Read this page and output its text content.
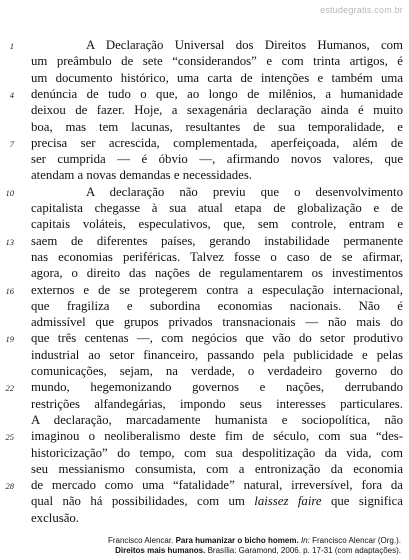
estudegratis.com.br
A Declaração Universal dos Direitos Humanos, com
um preâmbulo de sete “considerandos” e com trinta artigos, é
um documento histórico, uma carta de intenções e também uma
denúncia de tudo o que, ao longo de milênios, a humanidade
deixou de fazer. Hoje, a sexagenária declaração ainda é muito
boa, mas tem lacunas, resultantes de sua temporalidade, e
precisa ser acrescida, complementada, aperfeiçoada, além de
ser cumprida — é óbvio —, afirmando novos valores, que
atendam a novas demandas e necessidades.
A declaração não previu que o desenvolvimento
capitalista chegasse à sua atual etapa de globalização e de
capitais voláteis, especulativos, que, sem controle, entram e
saem de diferentes países, gerando instabilidade permanente
nas economias periféricas. Talvez fosse o caso de se afirmar,
agora, o direito das nações de regulamentarem os investimentos
externos e de se protegerem contra a especulação internacional,
que fragiliza e subordina economias nacionais. Não é
admissível que grupos privados transnacionais — não mais do
que três centenas —, com negócios que vão do setor produtivo
industrial ao setor financeiro, passando pela publicidade e pelas
comunicações, sejam, na verdade, o verdadeiro governo do
mundo, hegemonizando governos e nações, derrubando
restrições alfandegárias, impondo seus interesses particulares.
A declaração, marcadamente humanista e sociopolítica, não
imaginou o neoliberalismo deste fim de século, com sua “des-
historicização” do tempo, com sua despolitização da vida, com
seu messianismo consumista, com a entronização da economia
de mercado como uma “fatalidade” natural, irreversível, fora da
qual não há possibilidades, com um laissez faire que significa
exclusão.
1
4
7
10
13
16
19
22
25
28
Francisco Alencar. Para humanizar o bicho homem. In: Francisco Alencar (Org.).
Direitos mais humanos. Brasília: Garamond, 2006. p. 17-31 (com adaptações).
